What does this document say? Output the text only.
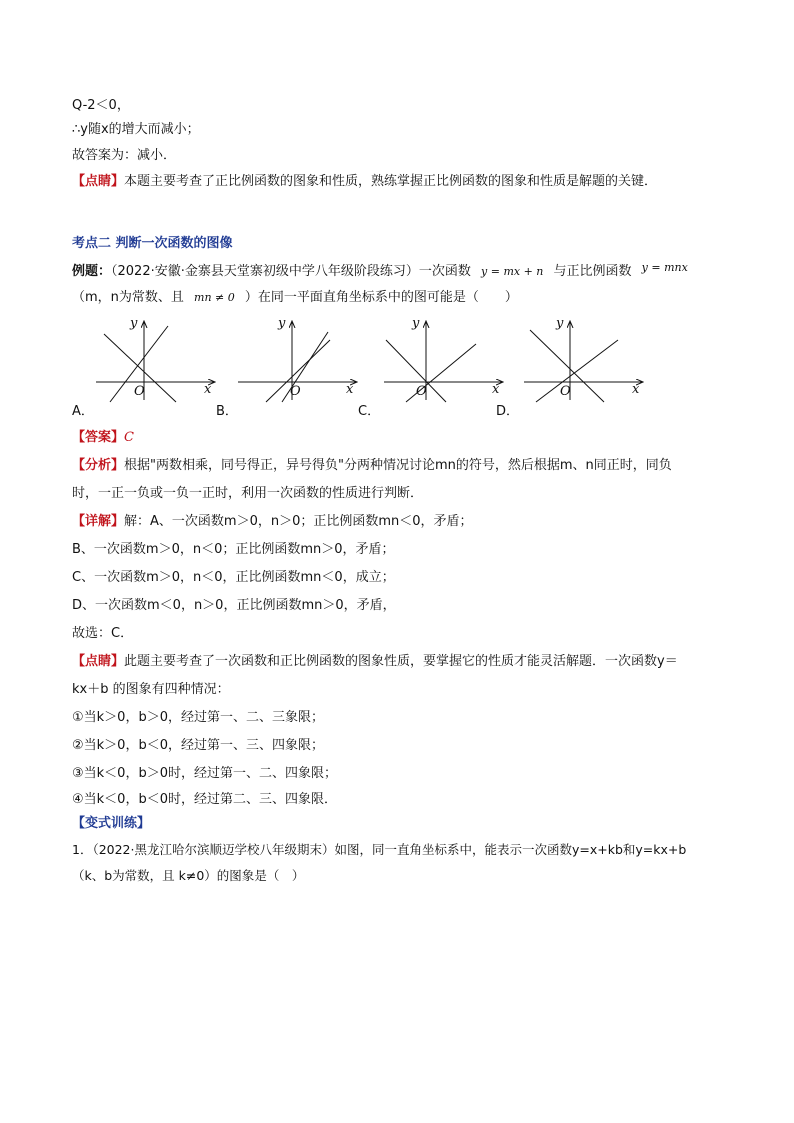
Q-2＜0，
∴y随x的增大而减小；
故答案为：减小．
【点睛】本题主要考查了正比例函数的图象和性质，熟练掌握正比例函数的图象和性质是解题的关键．
考点二 判断一次函数的图像
例题：（2022·安徽·金寨县天堂寨初级中学八年级阶段练习）一次函数 y = mx + n 与正比例函数 $^{y = mnx}$
（m，n为常数、且 mn ≠ 0 ）在同一平面直角坐标系中的图可能是（　　）
y
x
O
A．
y
x
O
B．
y
x
O
C．
y
x
O
D．
【答案】C
【分析】根据"两数相乘，同号得正，异号得负"分两种情况讨论mn的符号，然后根据m、n同正时，同负
时，一正一负或一负一正时，利用一次函数的性质进行判断．
【详解】解：A、一次函数m＞0，n＞0；正比例函数mn＜0，矛盾；
B、一次函数m＞0，n＜0；正比例函数mn＞0，矛盾；
C、一次函数m＞0，n＜0，正比例函数mn＜0，成立；
D、一次函数m＜0，n＞0，正比例函数mn＞0，矛盾，
故选：C．
【点睛】此题主要考查了一次函数和正比例函数的图象性质，要掌握它的性质才能灵活解题．一次函数y＝
kx＋b 的图象有四种情况：
①当k＞0，b＞0，经过第一、二、三象限；
②当k＞0，b＜0，经过第一、三、四象限；
③当k＜0，b＞0时，经过第一、二、四象限；
④当k＜0，b＜0时，经过第二、三、四象限．
【变式训练】
1．（2022·黑龙江哈尔滨顺迈学校八年级期末）如图，同一直角坐标系中，能表示一次函数y=x+kb和y=kx+b
（k、b为常数，且 k≠0）的图象是（　）
